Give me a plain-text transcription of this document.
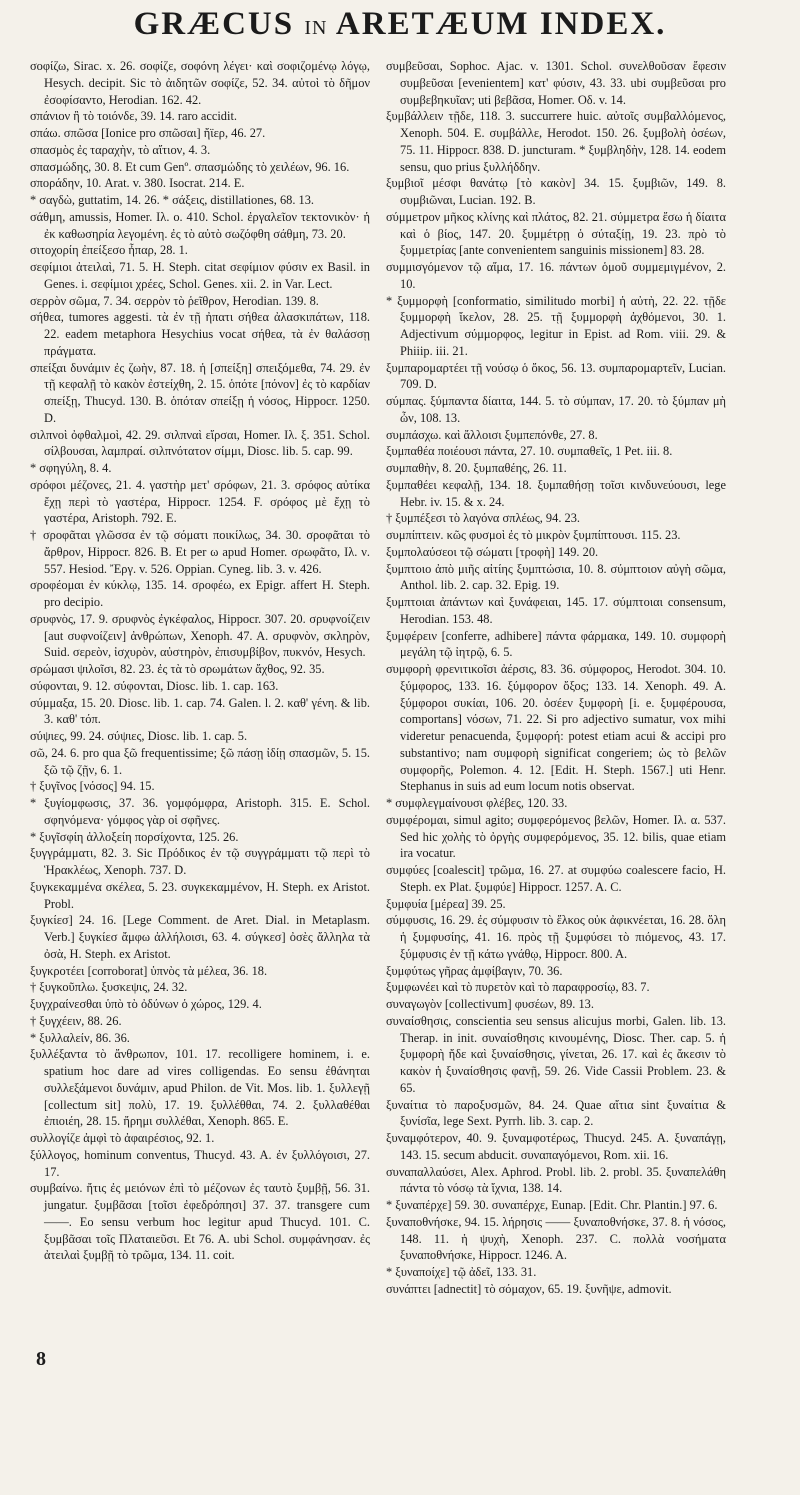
GRÆCUS IN ARETÆUM INDEX.

σοφίζω, Sirac. x. 26. σοφίζε, σοφόνη λέγει· καὶ σοφιζομένῳ λόγῳ, Hesych. decipit. Sic τὸ ἀιδητῶν σοφίζε, 52. 34. αὐτοὶ τὸ δῆμον ἐσοφίσαντο, Herodian. 162. 42.

σπάνιον ἢ τὸ τοιόνδε, 39. 14. raro accidit.

σπάω. σπῶσα [Ionice pro σπῶσαι] ἤϊερ, 46. 27.

σπασμὸς ἐς ταραχὴν, τὸ αἴτιον, 4. 3.

σπασμώδης, 30. 8. Et cum Genº. σπασμώδης τὸ χειλέων, 96. 16.

σποράδην, 10. Arat. v. 380. Isocrat. 214. E.

* σαγδὼ, guttatim, 14. 26. * σάξεις, distillationes, 68. 13.

σάθμη, amussis, Homer. Ιλ. ο. 410. Schol. ἐργαλεῖον τεκτονικὸν· ἡ ἐκ καθωσηρία λεγομένη. ἐς τὸ αὐτὸ σωζόφθη σάθμη, 73. 20.

σιτοχορίη ἐπείξεσο ἦπαρ, 28. 1.

σεφίμιοι ἀτειλαὶ, 71. 5. H. Steph. citat σεφίμιον φύσιν ex Basil. in Genes. i. σεφίμιοι χρέες, Schol. Genes. xii. 2. in Var. Lect.

σερρὸν σῶμα, 7. 34. σερρὸν τὸ ῥεῖθρον, Herodian. 139. 8.

σήθεα, tumores aggesti. τὰ ἐν τῇ ἠπατι σήθεα ἀλασκιπάτων, 118. 22. eadem metaphora Hesychius vocat σήθεα, τὰ ἐν θαλάσσῃ πράγματα.

σπείξαι δυνάμιν ἐς ζωὴν, 87. 18. ἡ [σπείξη] σπειξόμεθα, 74. 29. ἐν τῇ κεφαλῇ τὸ κακὸν ἐστείχθη, 2. 15. ὁπότε [πόνον] ἐς τὸ καρδίαν σπείξῃ, Thucyd. 130. B. ὁπόταν σπείξῃ ἡ νόσος, Hippocr. 1250. D.

σιλπνοὶ ὀφθαλμοὶ, 42. 29. σιλπναὶ εἵρσαι, Homer. Ιλ. ξ. 351. Schol. σίλβουσαι, λαμπραί. σιλπνότατον σίμμι, Diosc. lib. 5. cap. 99.

* σφηγύλη, 8. 4.

σρόφοι μέζονες, 21. 4. γαστὴρ μετ' σρόφων, 21. 3. σρόφος αὐτίκα ἔχῃ περὶ τὸ γαστέρα, Hippocr. 1254. F. σρόφος μὲ ἔχῃ τὸ γαστέρα, Aristoph. 792. E.

† σροφᾶται γλῶσσα ἐν τῷ σόματι ποικίλως, 34. 30. σροφᾶται τὸ ἄρθρον, Hippocr. 826. B. Et per ω apud Homer. σρωφᾶτο, Ιλ. ν. 557. Hesiod. Ἔργ. v. 526. Oppian. Cyneg. lib. 3. v. 426.

σροφέομαι ἐν κύκλῳ, 135. 14. σροφέω, ex Epigr. affert H. Steph. pro decipio.

σρυφνὸς, 17. 9. σρυφνὸς ἐγκέφαλος, Hippocr. 307. 20. σρυφνοίζειν [aut συφνοίζειν] ἀνθρώπων, Xenoph. 47. A. σρυφνὸν, σκληρὸν, Suid. σερεὸν, ἰσχυρὸν, αὐστηρὸν, ἐπισυμβίβον, πυκνόν, Hesych.

σρώμασι ψιλοῖσι, 82. 23. ἐς τὰ τὸ σρωμάτων ἄχθος, 92. 35.

σύφονται, 9. 12. σύφονται, Diosc. lib. 1. cap. 163.

σύμμαξα, 15. 20. Diosc. lib. 1. cap. 74. Galen. l. 2. καθ' γένη. & lib. 3. καθ' τόπ.

σύψιες, 99. 24. σύψιες, Diosc. lib. 1. cap. 5.

σῶ, 24. 6. pro qua ξῶ frequentissime; ξῶ πάσῃ ἰδίῃ σπασμῶν, 5. 15. ξῶ τῷ ζῇν, 6. 1.

† ξυγῖνος [νόσος] 94. 15.

* ξυγίομφωσις, 37. 36. γομφόμφρα, Aristoph. 315. E. Schol. σφηνόμενα· γόμφος γὰρ οἱ σφῆνες.

* ξυγῖσφίη ἀλλοξείη πορσίχοντα, 125. 26.

ξυγγράμματι, 82. 3. Sic Πρόδικος ἐν τῷ συγγράμματι τῷ περὶ τὸ Ἡρακλέως, Xenoph. 737. D.

ξυγκεκαμμένα σκέλεα, 5. 23. συγκεκαμμένον, H. Steph. ex Aristot. Probl.

ξυγκίεσ] 24. 16. [Lege Comment. de Aret. Dial. in Metaplasm. Verb.] ξυγκίεσ ἄμφω ἀλλήλοισι, 63. 4. σύγκεσ] ὀσὲς ἄλληλα τὰ ὀσὰ, H. Steph. ex Aristot.

ξυγκροτέει [corroborat] ὑπνὸς τὰ μέλεα, 36. 18.

† ξυγκοῦπλω. ξυσκεψις, 24. 32.

ξυγχραίνεσθαι ὑπὸ τὸ ὀδύνων ὁ χώρος, 129. 4.

† ξυγχέειν, 88. 26.

* ξυλλαλείν, 86. 36.

ξυλλέξαντα τὸ ἄνθρωπον, 101. 17. recolligere hominem, i. e. spatium hoc dare ad vires colligendas. Eo sensu ἐθάνηται συλλεξάμενοι δυνάμιν, apud Philon. de Vit. Mos. lib. 1. ξυλλεγῇ [collectum sit] πολὺ, 17. 19. ξυλλέθθαι, 74. 2. ξυλλαθέθαι ἐπιοιέη, 28. 15. ἤρημι συλλέθαι, Xenoph. 865. E.

συλλογίζε ἀμφὶ τὸ ἀφαιρέσιος, 92. 1.

ξύλλογος, hominum conventus, Thucyd. 43. A. ἐν ξυλλόγοισι, 27. 17.

συμβαίνω. ἤτις ἐς μειόνων ἐπὶ τὸ μέζονων ἐς ταυτὸ ξυμβῇ, 56. 31. jungatur. ξυμβᾶσαι [τοῖσι ἐφεδρόπησι] 37. 37. transgere cum ——. Eo sensu verbum hoc legitur apud Thucyd. 101. C. ξυμβᾶσαι τοῖς Πλαταιεῦσι. Et 76. A. ubi Schol. συμφάνησαν. ἐς ἀτειλαὶ ξυμβῇ τὸ τρῶμα, 134. 11. coit.

συμβεῦσαι, Sophoc. Ajac. v. 1301. Schol. συνελθοῦσαν ἔφεσιν συμβεῦσαι [evenientem] κατ' φύσιν, 43. 33. ubi συμβεῦσαι pro συμβεβηκυῖαν; uti βεβᾶσα, Homer. Οδ. v. 14.

ξυμβάλλειν τῇδε, 118. 3. succurrere huic. αὐτοῖς συμβαλλόμενος, Xenoph. 504. E. συμβάλλε, Herodot. 150. 26. ξυμβολὴ ὀσέων, 75. 11. Hippocr. 838. D. juncturam. * ξυμβληδὴν, 128. 14. eodem sensu, quo prius ξυλλήδδην.

ξυμβιοῖ μέσφι θανάτῳ [τὸ κακὸν] 34. 15. ξυμβιῶν, 149. 8. συμβιῶναι, Lucian. 192. B.

σύμμετρον μῆκος κλίνης καὶ πλάτος, 82. 21. σύμμετρα ἔσω ἡ δίαιτα καὶ ὁ βίος, 147. 20. ξυμμέτρῃ ὁ σύταξίῃ, 19. 23. πρὸ τὸ ξυμμετρίας [ante convenientem sanguinis missionem] 83. 28.

συμμισγόμενον τῷ αἵμα, 17. 16. πάντων ὁμοῦ συμμεμιγμένον, 2. 10.

* ξυμμορφὴ [conformatio, similitudo morbi] ἡ αὐτὴ, 22. 22. τῇδε ξυμμορφὴ ἴκελον, 28. 25. τῇ ξυμμορφὴ ἀχθόμενοι, 30. 1. Adjectivum σύμμορφος, legitur in Epist. ad Rom. viii. 29. & Phiiip. iii. 21.

ξυμπαρομαρτέει τῇ νούσῳ ὁ ὄκος, 56. 13. συμπαρομαρτεῖν, Lucian. 709. D.

σύμπας. ξύμπαντα δίαιτα, 144. 5. τὸ σύμπαν, 17. 20. τὸ ξύμπαν μὴ ὦν, 108. 13.

συμπάσχω. καὶ ἄλλοισι ξυμπεπόνθε, 27. 8.

ξυμπαθέα ποιέουσι πάντα, 27. 10. συμπαθεῖς, 1 Pet. iii. 8.

συμπαθὴν, 8. 20. ξυμπαθέης, 26. 11.

ξυμπαθέει κεφαλῇ, 134. 18. ξυμπαθήσῃ τοῖσι κινδυνεύουσι, lege Hebr. iv. 15. & x. 24.

† ξυμπέξεσι τὸ λαγόνα σπλέως, 94. 23.

συμπίπτειν. κῶς φυσμοὶ ἐς τὸ μικρὸν ξυμπίπτουσι. 115. 23.

ξυμπολαύσεοι τῷ σώματι [τροφὴ] 149. 20.

ξυμπτοιο ἀπὸ μιῆς αἰτίης ξυμπτώσια, 10. 8. σύμπτοιον αὐγὴ σῶμα, Anthol. lib. 2. cap. 32. Epig. 19.

ξυμπτοιαι ἀπάντων καὶ ξυνάφειαι, 145. 17. σύμπτοιαι consensum, Herodian. 153. 48.

ξυμφέρειν [conferre, adhibere] πάντα φάρμακα, 149. 10. συμφορὴ μεγάλη τῷ ἰητρῷ, 6. 5.

συμφορὴ φρενιτικοῖσι ἀέρσις, 83. 36. σύμφορος, Herodot. 304. 10. ξύμφορος, 133. 16. ξύμφορον ὄξος; 133. 14. Xenoph. 49. A. ξύμφοροι συκίαι, 106. 20. ὀσέεν ξυμφορὴ [i. e. ξυμφέρουσα, comportans] νόσων, 71. 22. Si pro adjectivo sumatur, vox mihi videretur penacuenda, ξυμφορή: potest etiam acui & accipi pro substantivo; nam συμφορὴ significat congeriem; ὡς τὸ βελῶν συμφορῆς, Polemon. 4. 12. [Edit. H. Steph. 1567.] uti Henr. Stephanus in suis ad eum locum notis observat.

* συμφλεγμαίνουσι φλέβες, 120. 33.

συμφέρομαι, simul agito; συμφερόμενος βελῶν, Homer. Ιλ. α. 537. Sed hic χολὴς τὸ ὀργὴς συμφερόμενος, 35. 12. bilis, quae etiam ira vocatur.

συμφύες [coalescit] τρῶμα, 16. 27. at συμφύω coalescere facio, H. Steph. ex Plat. ξυμφύε] Hippocr. 1257. A. C.

ξυμφυία [μέρεα] 39. 25.

σύμφυσις, 16. 29. ἐς σύμφυσιν τὸ ἕλκος οὐκ ἀφικνέεται, 16. 28. ὅλη ἡ ξυμφυσίης, 41. 16. πρὸς τῇ ξυμφύσει τὸ πιόμενος, 43. 17. ξύμφυσις ἐν τῇ κάτω γνάθῳ, Hippocr. 800. A.

ξυμφύτως γῆρας ἀμφίβαγιν, 70. 36.

ξυμφωνέει καὶ τὸ πυρετὸν καὶ τὸ παραφροσίῳ, 83. 7.

συναγωγὸν [collectivum] φυσέων, 89. 13.

συναίσθησις, conscientia seu sensus alicujus morbi, Galen. lib. 13. Therap. in init. συναίσθησις κινουμένης, Diosc. Ther. cap. 5. ἡ ξυμφορὴ ἤδε καὶ ξυναίσθησις, γίνεται, 26. 17. καὶ ἐς ἄκεσιν τὸ κακὸν ἡ ξυναίσθησις φανῇ, 59. 26. Vide Cassii Problem. 23. & 65.

ξυναίτια τὸ παροξυσμῶν, 84. 24. Quae αἴτια sint ξυναίτια & ξυνίσῖα, lege Sext. Pyrrh. lib. 3. cap. 2.

ξυναμφότερον, 40. 9. ξυναμφοτέρως, Thucyd. 245. A. ξυναπάγῃ, 143. 15. secum abducit. συναπαγόμενοι, Rom. xii. 16.

συναπαλλαύσει, Alex. Aphrod. Probl. lib. 2. probl. 35. ξυναπελάθη πάντα τὸ νόσῳ τὰ ἴχνια, 138. 14.

* ξυναπέρχε] 59. 30. συναπέρχε, Eunap. [Edit. Chr. Plantin.] 97. 6.

ξυναποθνήσκε, 94. 15. λήρησις —— ξυναποθνήσκε, 37. 8. ἡ νόσος, 148. 11. ἡ ψυχὴ, Xenoph. 237. C. πολλὰ νοσήματα ξυναποθνήσκε, Hippocr. 1246. A.

* ξυναποίχε] τῷ ἀδεῖ, 133. 31.

συνάπτει [adnectit] τὸ σόμαχον, 65. 19. ξυνῆψε, admovit.

8
